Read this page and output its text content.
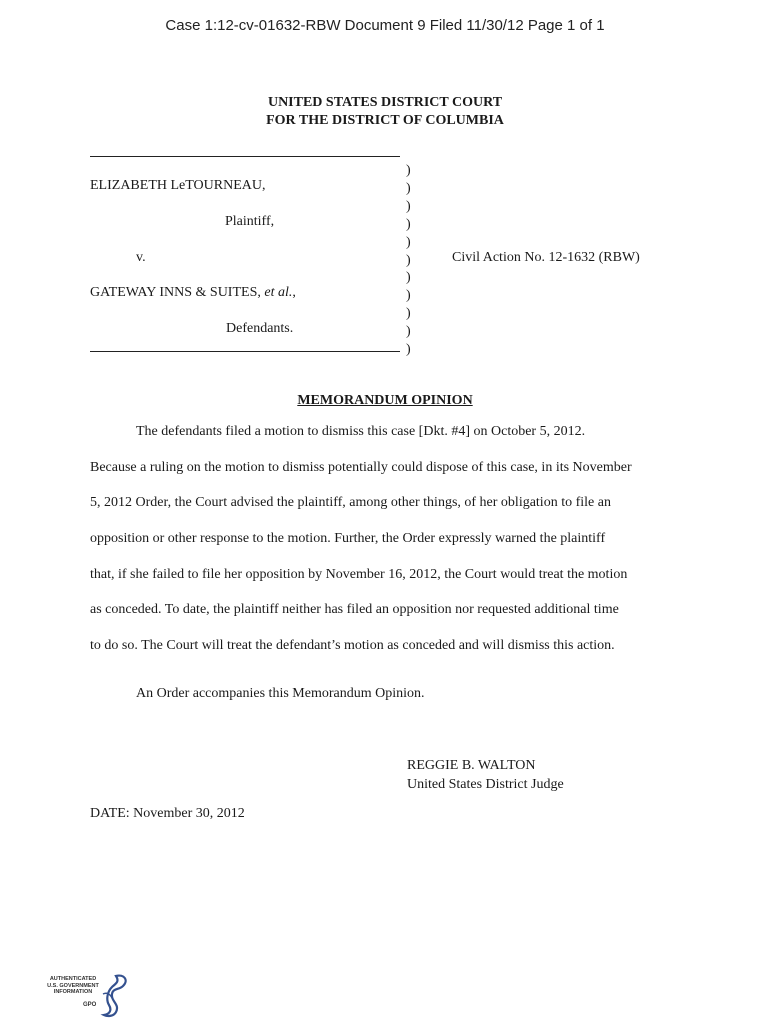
Case 1:12-cv-01632-RBW Document 9 Filed 11/30/12 Page 1 of 1
UNITED STATES DISTRICT COURT
FOR THE DISTRICT OF COLUMBIA
ELIZABETH LeTOURNEAU,
Plaintiff,
v.
GATEWAY INNS & SUITES, et al.,
Defendants.
)
)
)
)
)
)
)
)
)
)
)
Civil Action No. 12-1632 (RBW)
MEMORANDUM OPINION
The defendants filed a motion to dismiss this case [Dkt. #4] on October 5, 2012.
Because a ruling on the motion to dismiss potentially could dispose of this case, in its November
5, 2012 Order, the Court advised the plaintiff, among other things, of her obligation to file an
opposition or other response to the motion. Further, the Order expressly warned the plaintiff
that, if she failed to file her opposition by November 16, 2012, the Court would treat the motion
as conceded. To date, the plaintiff neither has filed an opposition nor requested additional time
to do so. The Court will treat the defendant’s motion as conceded and will dismiss this action.
An Order accompanies this Memorandum Opinion.
REGGIE B. WALTON
United States District Judge
DATE: November 30, 2012
AUTHENTICATED
U.S. GOVERNMENT
INFORMATION
GPO
